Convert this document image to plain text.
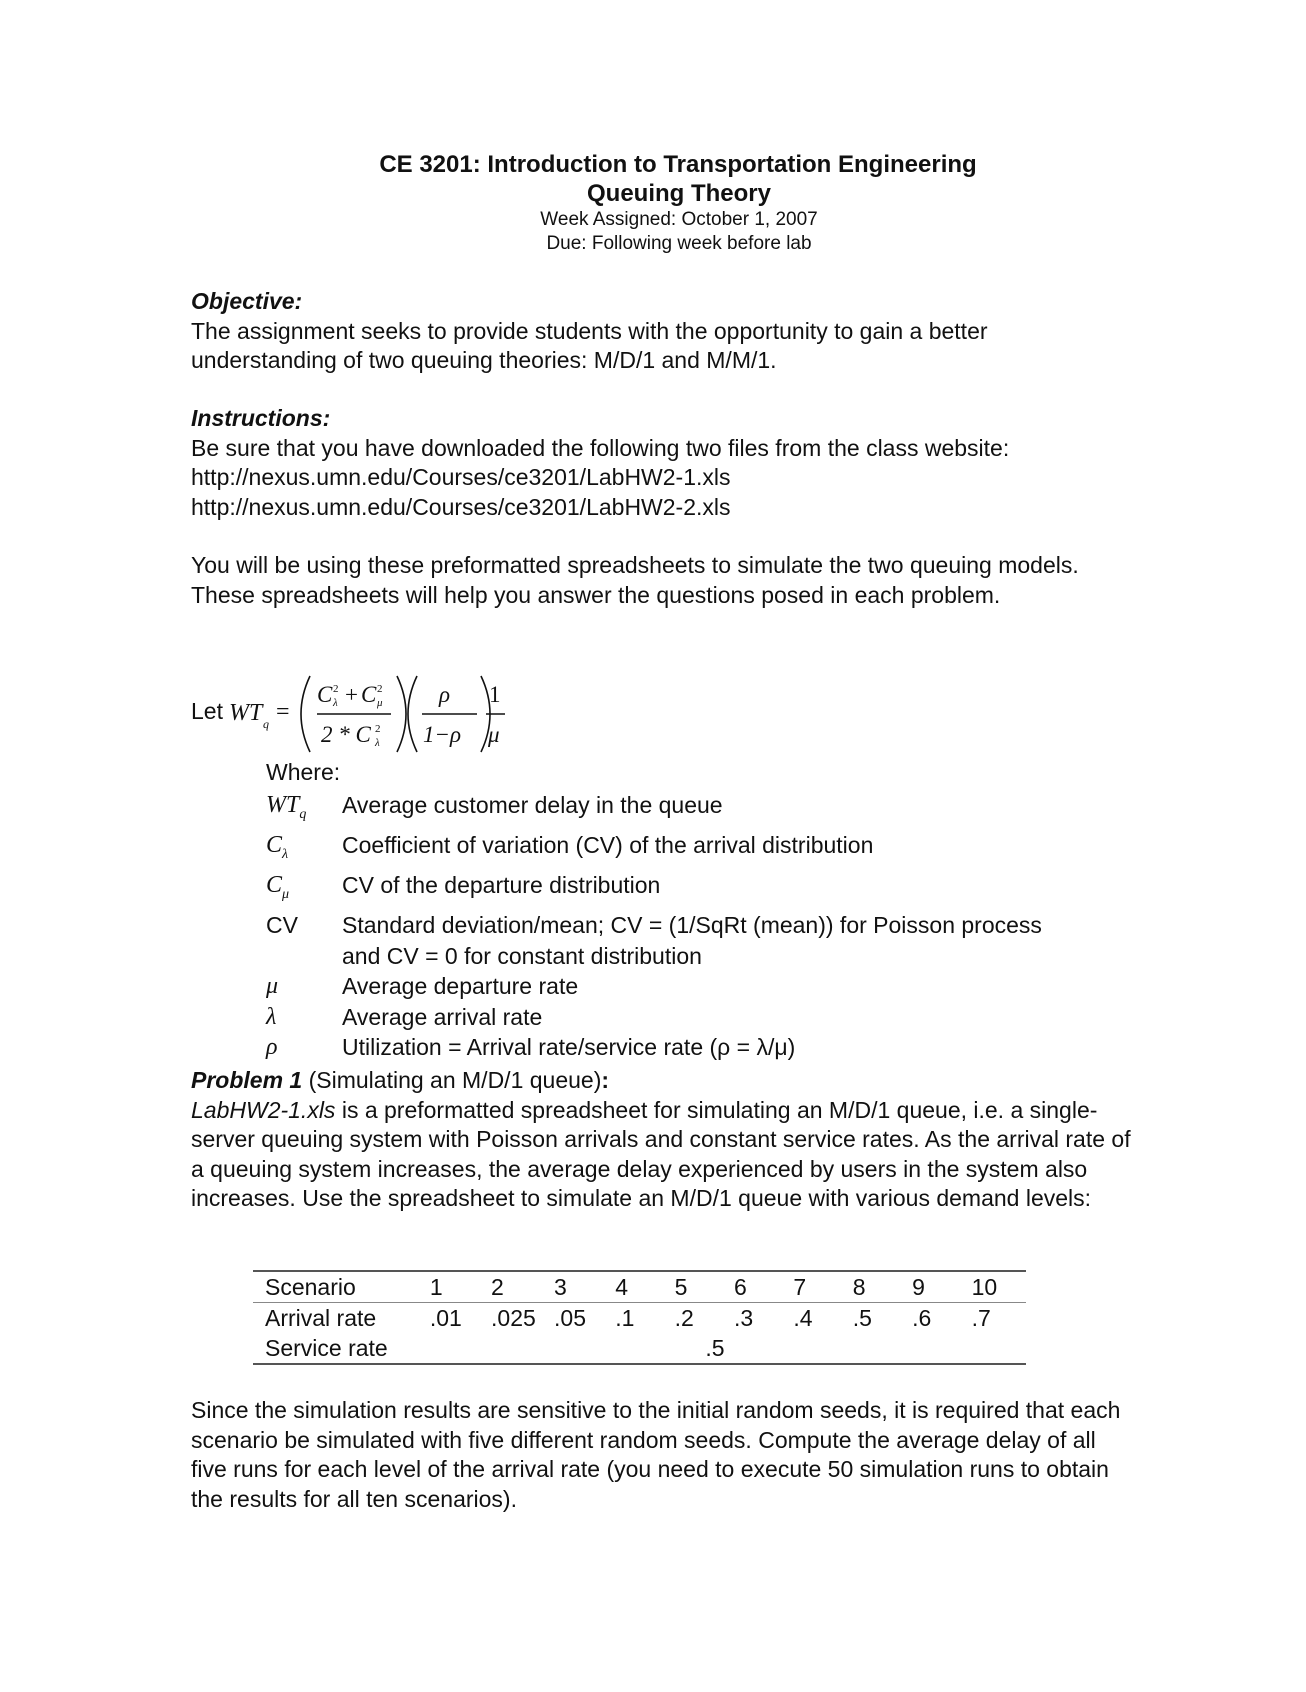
CE 3201: Introduction to Transportation Engineering

Queuing Theory

Week Assigned: October 1, 2007

Due: Following week before lab

Objective:

The assignment seeks to provide students with the opportunity to gain a better understanding of two queuing theories: M/D/1 and M/M/1.

Instructions:

Be sure that you have downloaded the following two files from the class website:

http://nexus.umn.edu/Courses/ce3201/LabHW2-1.xls

http://nexus.umn.edu/Courses/ce3201/LabHW2-2.xls

You will be using these preformatted spreadsheets to simulate the two queuing models. These spreadsheets will help you answer the questions posed in each problem.

Let WT q =
C 2
λ + C 2
μ
2 * C 2
λ
ρ
1−ρ
1
μ

Where:

$WT_q$	Average customer delay in the queue
$C_\lambda$	Coefficient of variation (CV) of the arrival distribution
$C_\mu$	CV of the departure distribution
CV	Standard deviation/mean; CV = (1/SqRt (mean)) for Poisson process and CV = 0 for constant distribution
μ	Average departure rate
λ	Average arrival rate
ρ	Utilization = Arrival rate/service rate (ρ = λ/μ)

Problem 1 (Simulating an M/D/1 queue):

LabHW2-1.xls is a preformatted spreadsheet for simulating an M/D/1 queue, i.e. a single-server queuing system with Poisson arrivals and constant service rates. As the arrival rate of a queuing system increases, the average delay experienced by users in the system also increases. Use the spreadsheet to simulate an M/D/1 queue with various demand levels:

Scenario	1	2	3	4	5	6	7	8	9	10
Arrival rate	.01	.025	.05	.1	.2	.3	.4	.5	.6	.7
Service rate	.5									

Since the simulation results are sensitive to the initial random seeds, it is required that each scenario be simulated with five different random seeds. Compute the average delay of all five runs for each level of the arrival rate (you need to execute 50 simulation runs to obtain the results for all ten scenarios).
